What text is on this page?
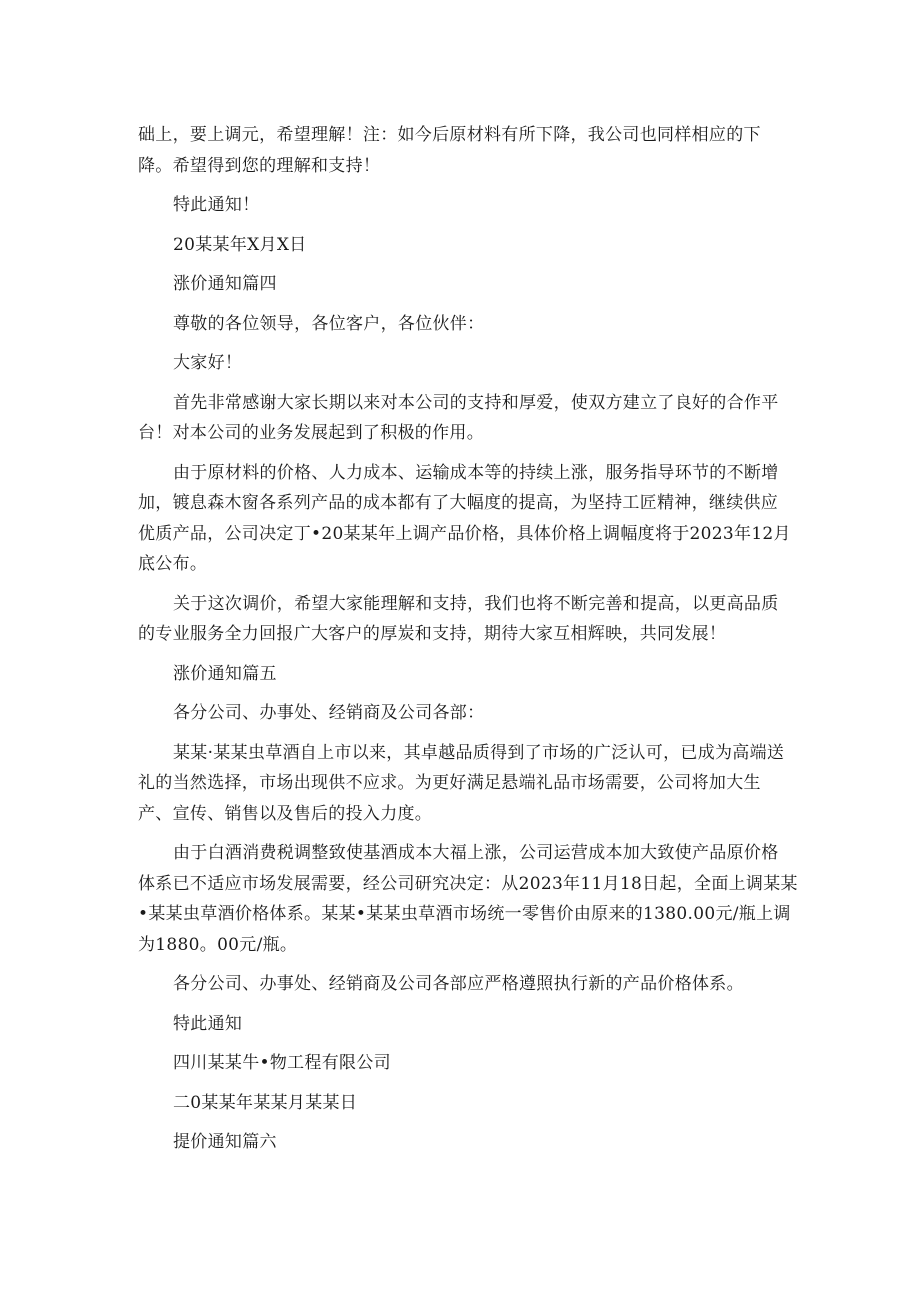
础上，要上调元，希望理解！注：如今后原材料有所下降，我公司也同样相应的下
降。希望得到您的理解和支持！
特此通知！
20某某年X月X日
涨价通知篇四
尊敬的各位领导，各位客户，各位伙伴：
大家好！
首先非常感谢大家长期以来对本公司的支持和厚爱，使双方建立了良好的合作平
台！对本公司的业务发展起到了积极的作用。
由于原材料的价格、人力成本、运输成本等的持续上涨，服务指导环节的不断增
加，镀息森木窗各系列产品的成本都有了大幅度的提高，为坚持工匠精神，继续供应
优质产品，公司决定丁•20某某年上调产品价格，具体价格上调幅度将于2023年12月
底公布。
关于这次调价，希望大家能理解和支持，我们也将不断完善和提高，以更高品质
的专业服务全力回报广大客户的厚炭和支持，期待大家互相辉映，共同发展！
涨价通知篇五
各分公司、办事处、经销商及公司各部：
某某·某某虫草酒自上市以来，其卓越品质得到了市场的广泛认可，已成为高端送
礼的当然选择，市场出现供不应求。为更好满足悬端礼品市场需要，公司将加大生
产、宣传、销售以及售后的投入力度。
由于白酒消费税调整致使基酒成本大福上涨，公司运营成本加大致使产品原价格
体系已不适应市场发展需要，经公司研究决定：从2023年11月18日起，全面上调某某
•某某虫草酒价格体系。某某•某某虫草酒市场统一零售价由原来的1380.00元/瓶上调
为1880。00元/瓶。
各分公司、办事处、经销商及公司各部应严格遵照执行新的产品价格体系。
特此通知
四川某某牛•物工程有限公司
二0某某年某某月某某日
提价通知篇六
